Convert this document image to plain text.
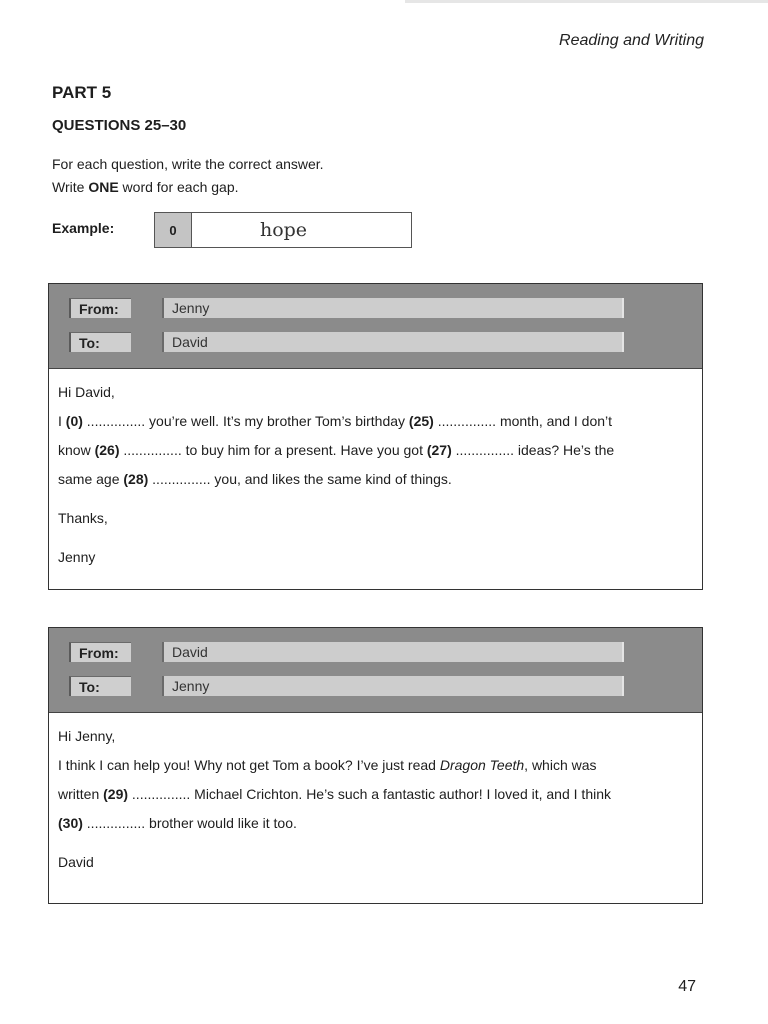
Reading and Writing
PART 5
QUESTIONS 25–30
For each question, write the correct answer.
Write ONE word for each gap.
Example:	0	hope
From:	Jenny
To:	David

Hi David,

I (0) ............... you’re well. It’s my brother Tom’s birthday (25) ............... month, and I don’t

know (26) ............... to buy him for a present. Have you got (27) ............... ideas? He’s the

same age (28) ............... you, and likes the same kind of things.

Thanks,

Jenny

From:	David
To:	Jenny

Hi Jenny,

I think I can help you! Why not get Tom a book? I’ve just read Dragon Teeth, which was

written (29) ............... Michael Crichton. He’s such a fantastic author! I loved it, and I think

(30) ............... brother would like it too.

David

47
